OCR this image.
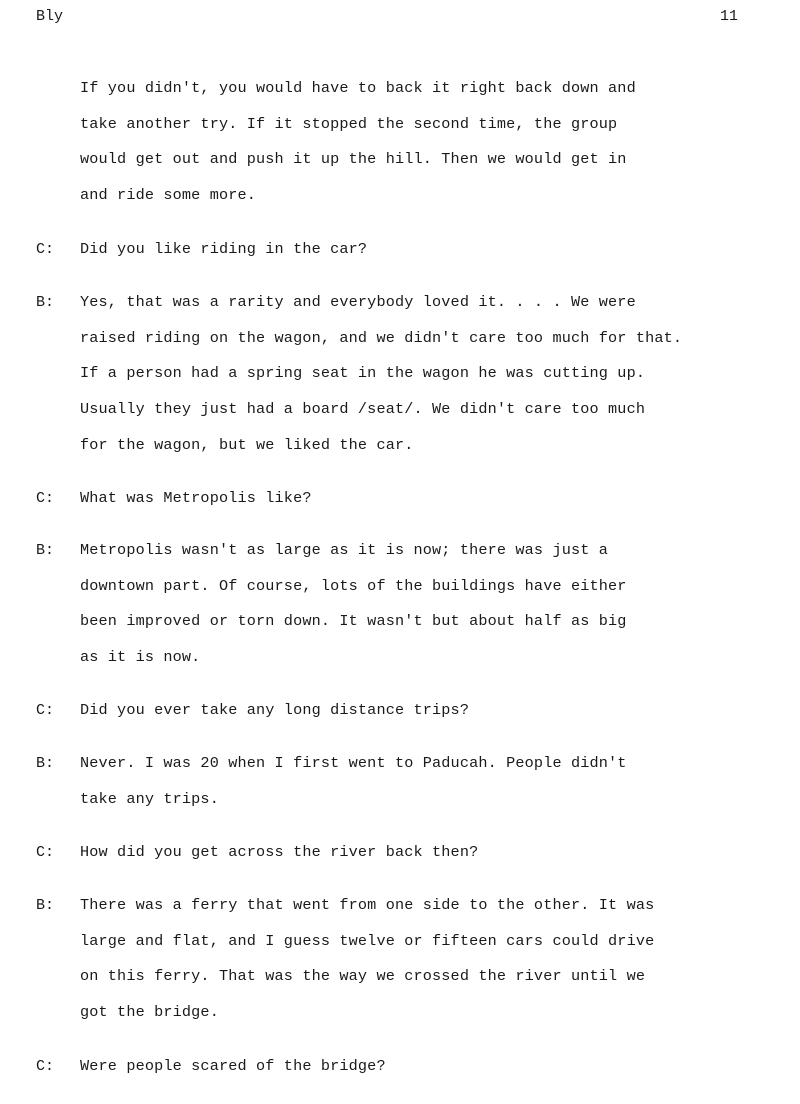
Bly	11
If you didn't, you would have to back it right back down and
take another try. If it stopped the second time, the group
would get out and push it up the hill. Then we would get in
and ride some more.
C: Did you like riding in the car?
B: Yes, that was a rarity and everybody loved it. . . . We were
raised riding on the wagon, and we didn't care too much for that.
If a person had a spring seat in the wagon he was cutting up.
Usually they just had a board /seat/. We didn't care too much
for the wagon, but we liked the car.
C: What was Metropolis like?
B: Metropolis wasn't as large as it is now; there was just a
downtown part. Of course, lots of the buildings have either
been improved or torn down. It wasn't but about half as big
as it is now.
C: Did you ever take any long distance trips?
B: Never. I was 20 when I first went to Paducah. People didn't
take any trips.
C: How did you get across the river back then?
B: There was a ferry that went from one side to the other. It was
large and flat, and I guess twelve or fifteen cars could drive
on this ferry. That was the way we crossed the river until we
got the bridge.
C: Were people scared of the bridge?
